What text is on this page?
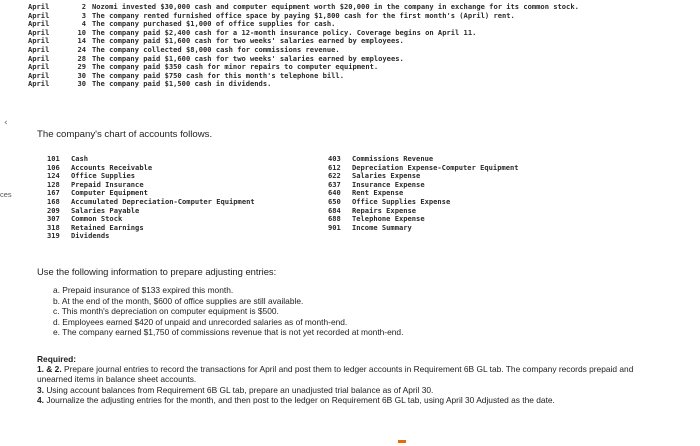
‹
ces
April	2 Nozomi invested $30,000 cash and computer equipment worth $20,000 in the company in exchange for its common stock.
April	3 The company rented furnished office space by paying $1,800 cash for the first month's (April) rent.
April	4 The company purchased $1,000 of office supplies for cash.
April	10 The company paid $2,400 cash for a 12-month insurance policy. Coverage begins on April 11.
April	14 The company paid $1,600 cash for two weeks' salaries earned by employees.
April	24 The company collected $8,000 cash for commissions revenue.
April	28 The company paid $1,600 cash for two weeks' salaries earned by employees.
April	29 The company paid $350 cash for minor repairs to computer equipment.
April	30 The company paid $750 cash for this month's telephone bill.
April	30 The company paid $1,500 cash in dividends.
The company's chart of accounts follows.
101	Cash
106	Accounts Receivable
124	Office Supplies
128	Prepaid Insurance
167	Computer Equipment
168	Accumulated Depreciation-Computer Equipment
209	Salaries Payable
307	Common Stock
318	Retained Earnings
319	Dividends
403	Commissions Revenue
612	Depreciation Expense-Computer Equipment
622	Salaries Expense
637	Insurance Expense
640	Rent Expense
650	Office Supplies Expense
684	Repairs Expense
688	Telephone Expense
901	Income Summary
Use the following information to prepare adjusting entries:
a. Prepaid insurance of $133 expired this month.
b. At the end of the month, $600 of office supplies are still available.
c. This month's depreciation on computer equipment is $500.
d. Employees earned $420 of unpaid and unrecorded salaries as of month-end.
e. The company earned $1,750 of commissions revenue that is not yet recorded at month-end.
Required:
1. & 2. Prepare journal entries to record the transactions for April and post them to ledger accounts in Requirement 6B GL tab. The company records prepaid and unearned items in balance sheet accounts.
3. Using account balances from Requirement 6B GL tab, prepare an unadjusted trial balance as of April 30.
4. Journalize the adjusting entries for the month, and then post to the ledger on Requirement 6B GL tab, using April 30 Adjusted as the date.
